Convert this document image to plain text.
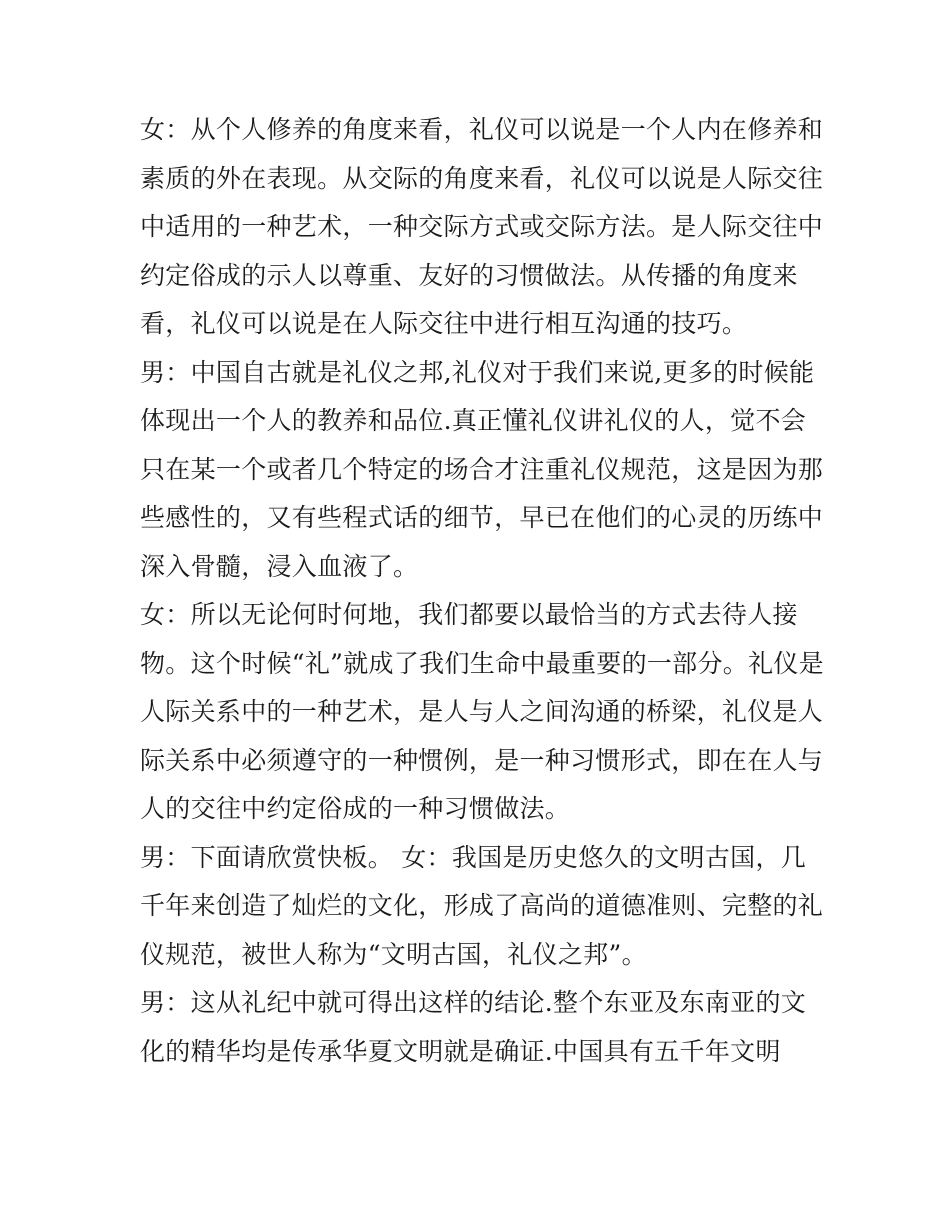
女：从个人修养的角度来看，礼仪可以说是一个人内在修养和
素质的外在表现。从交际的角度来看，礼仪可以说是人际交往
中适用的一种艺术，一种交际方式或交际方法。是人际交往中
约定俗成的示人以尊重、友好的习惯做法。从传播的角度来
看，礼仪可以说是在人际交往中进行相互沟通的技巧。
男：中国自古就是礼仪之邦,礼仪对于我们来说,更多的时候能
体现出一个人的教养和品位.真正懂礼仪讲礼仪的人，觉不会
只在某一个或者几个特定的场合才注重礼仪规范，这是因为那
些感性的，又有些程式话的细节，早已在他们的心灵的历练中
深入骨髓，浸入血液了。
女：所以无论何时何地，我们都要以最恰当的方式去待人接
物。这个时候“礼”就成了我们生命中最重要的一部分。礼仪是
人际关系中的一种艺术，是人与人之间沟通的桥梁，礼仪是人
际关系中必须遵守的一种惯例，是一种习惯形式，即在在人与
人的交往中约定俗成的一种习惯做法。
男：下面请欣赏快板。 女：我国是历史悠久的文明古国，几
千年来创造了灿烂的文化，形成了高尚的道德准则、完整的礼
仪规范，被世人称为“文明古国，礼仪之邦”。
男：这从礼纪中就可得出这样的结论.整个东亚及东南亚的文
化的精华均是传承华夏文明就是确证.中国具有五千年文明
